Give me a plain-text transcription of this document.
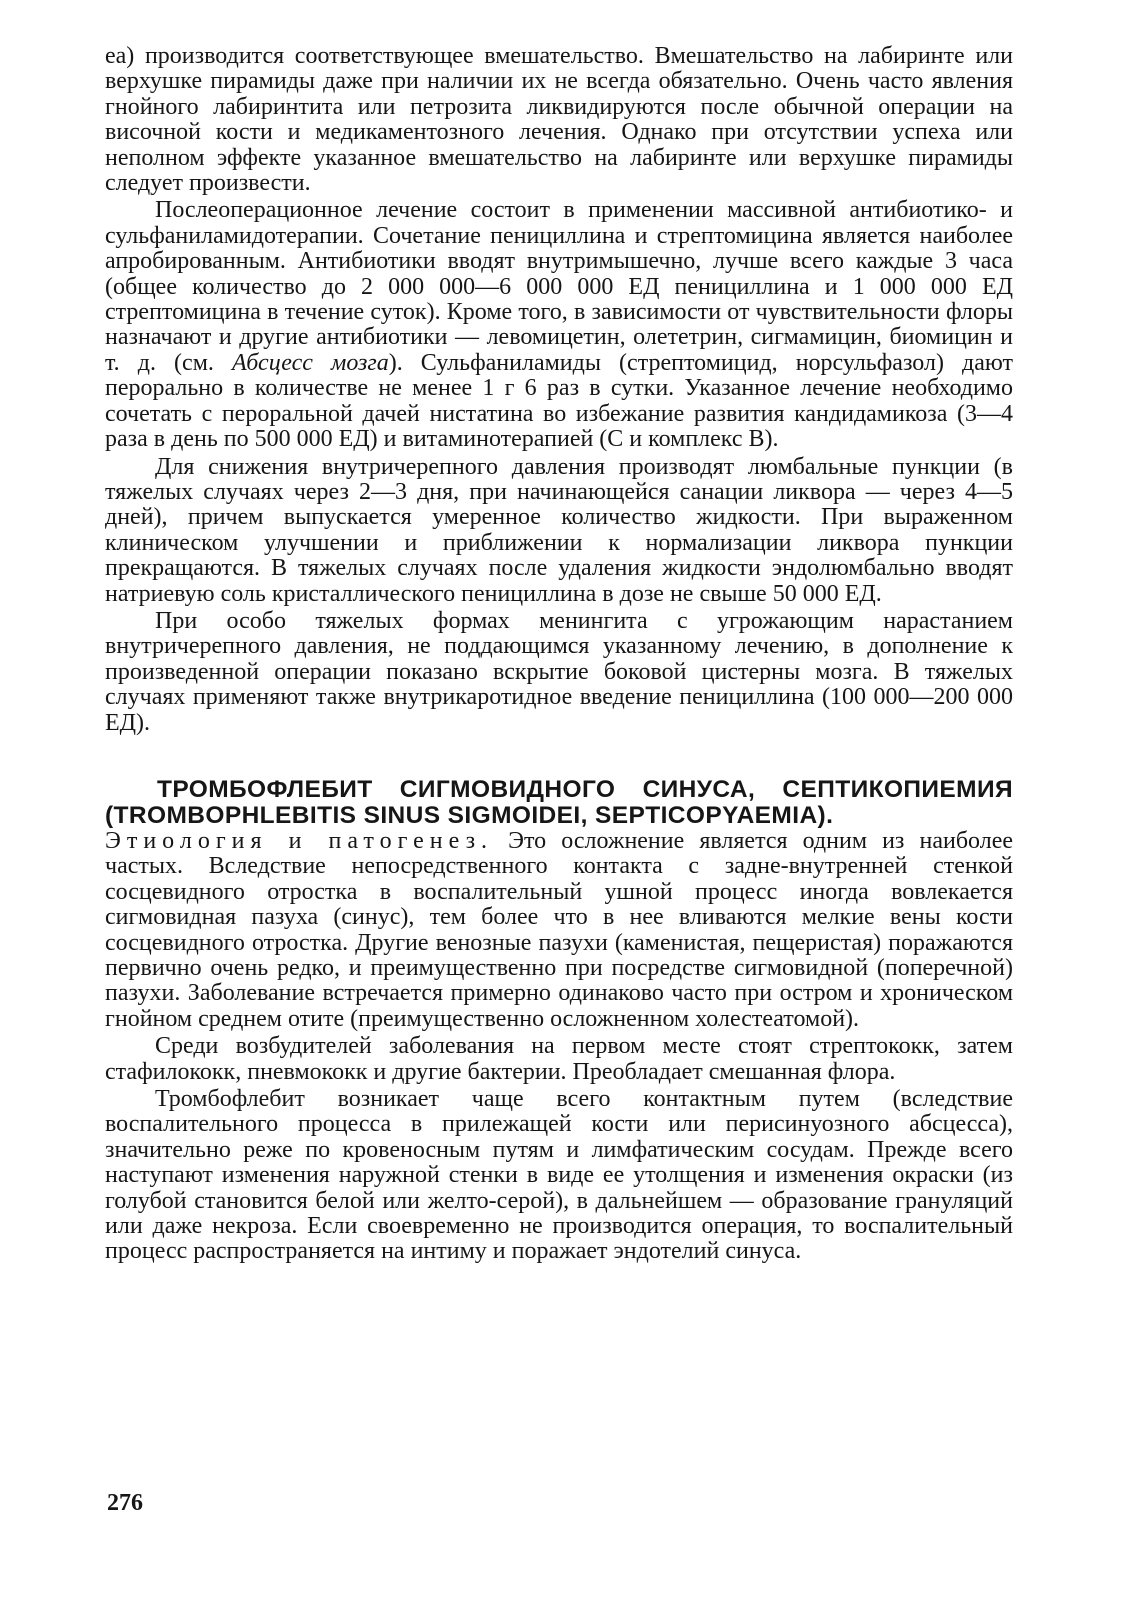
ea) производится соответствующее вмешательство. Вмешательство на лабиринте или верхушке пирамиды даже при наличии их не всегда обязательно. Очень часто явления гнойного лабиринтита или петрозита ликвидируются после обычной операции на височной кости и медикаментозного лечения. Однако при отсутствии успеха или неполном эффекте указанное вмешательство на лабиринте или верхушке пирамиды следует произвести.

Послеоперационное лечение состоит в применении массивной антибиотико- и сульфаниламидотерапии. Сочетание пенициллина и стрептомицина является наиболее апробированным. Антибиотики вводят внутримышечно, лучше всего каждые 3 часа (общее количество до 2 000 000—6 000 000 ЕД пенициллина и 1 000 000 ЕД стрептомицина в течение суток). Кроме того, в зависимости от чувствительности флоры назначают и другие антибиотики — левомицетин, олететрин, сигмамицин, биомицин и т. д. (см. Абсцесс мозга). Сульфаниламиды (стрептомицид, норсульфазол) дают перорально в количестве не менее 1 г 6 раз в сутки. Указанное лечение необходимо сочетать с пероральной дачей нистатина во избежание развития кандидамикоза (3—4 раза в день по 500 000 ЕД) и витаминотерапией (С и комплекс В).

Для снижения внутричерепного давления производят люмбальные пункции (в тяжелых случаях через 2—3 дня, при начинающейся санации ликвора — через 4—5 дней), причем выпускается умеренное количество жидкости. При выраженном клиническом улучшении и приближении к нормализации ликвора пункции прекращаются. В тяжелых случаях после удаления жидкости эндолюмбально вводят натриевую соль кристаллического пенициллина в дозе не свыше 50 000 ЕД.

При особо тяжелых формах менингита с угрожающим нарастанием внутричерепного давления, не поддающимся указанному лечению, в дополнение к произведенной операции показано вскрытие боковой цистерны мозга. В тяжелых случаях применяют также внутрикаротидное введение пенициллина (100 000—200 000 ЕД).

ТРОМБОФЛЕБИТ СИГМОВИДНОГО СИНУСА, СЕПТИКОПИЕМИЯ (TROMBOPHLEBITIS SINUS SIGMOIDEI, SEPTICOPYAEMIA).

Этиология и патогенез. Это осложнение является одним из наиболее частых. Вследствие непосредственного контакта с задне-внутренней стенкой сосцевидного отростка в воспалительный ушной процесс иногда вовлекается сигмовидная пазуха (синус), тем более что в нее вливаются мелкие вены кости сосцевидного отростка. Другие венозные пазухи (каменистая, пещеристая) поражаются первично очень редко, и преимущественно при посредстве сигмовидной (поперечной) пазухи. Заболевание встречается примерно одинаково часто при остром и хроническом гнойном среднем отите (преимущественно осложненном холестеатомой).

Среди возбудителей заболевания на первом месте стоят стрептококк, затем стафилококк, пневмококк и другие бактерии. Преобладает смешанная флора.

Тромбофлебит возникает чаще всего контактным путем (вследствие воспалительного процесса в прилежащей кости или перисинуозного абсцесса), значительно реже по кровеносным путям и лимфатическим сосудам. Прежде всего наступают изменения наружной стенки в виде ее утолщения и изменения окраски (из голубой становится белой или желто-серой), в дальнейшем — образование грануляций или даже некроза. Если своевременно не производится операция, то воспалительный процесс распространяется на интиму и поражает эндотелий синуса.

276
